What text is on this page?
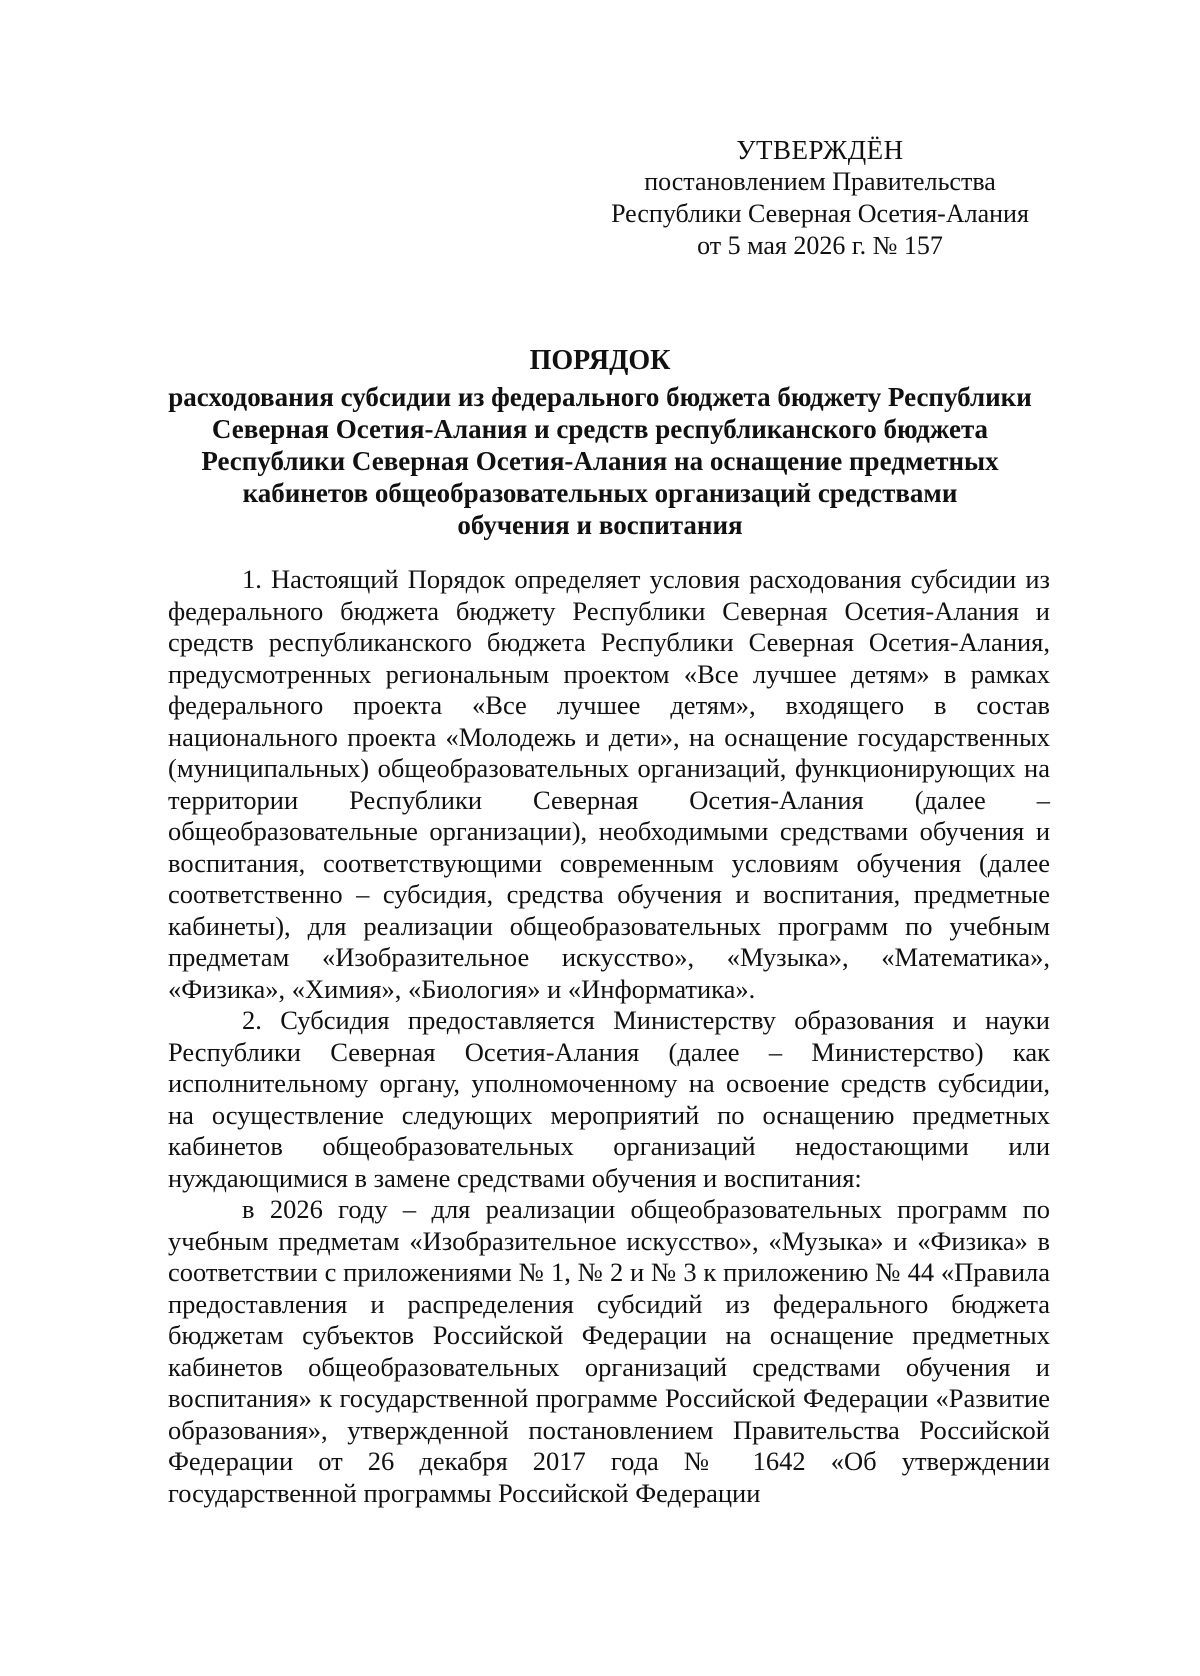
УТВЕРЖДЁН
постановлением Правительства
Республики Северная Осетия-Алания
от 5 мая 2026 г. № 157
ПОРЯДОК
расходования субсидии из федерального бюджета бюджету Республики
Северная Осетия-Алания и средств республиканского бюджета
Республики Северная Осетия-Алания на оснащение предметных
кабинетов общеобразовательных организаций средствами
обучения и воспитания

1. Настоящий Порядок определяет условия расходования субсидии из федерального бюджета бюджету Республики Северная Осетия-Алания и средств республиканского бюджета Республики Северная Осетия-Алания, предусмотренных региональным проектом «Все лучшее детям» в рамках федерального проекта «Все лучшее детям», входящего в состав национального проекта «Молодежь и дети», на оснащение государственных (муниципальных) общеобразовательных организаций, функционирующих на территории Республики Северная Осетия-Алания (далее – общеобразовательные организации), необходимыми средствами обучения и воспитания, соответствующими современным условиям обучения (далее соответственно – субсидия, средства обучения и воспитания, предметные кабинеты), для реализации общеобразовательных программ по учебным предметам «Изобразительное искусство», «Музыка», «Математика», «Физика», «Химия», «Биология» и «Информатика».

2. Субсидия предоставляется Министерству образования и науки Республики Северная Осетия-Алания (далее – Министерство) как исполнительному органу, уполномоченному на освоение средств субсидии, на осуществление следующих мероприятий по оснащению предметных кабинетов общеобразовательных организаций недостающими или нуждающимися в замене средствами обучения и воспитания:

в 2026 году – для реализации общеобразовательных программ по учебным предметам «Изобразительное искусство», «Музыка» и «Физика» в соответствии с приложениями № 1, № 2 и № 3 к приложению № 44 «Правила предоставления и распределения субсидий из федерального бюджета бюджетам субъектов Российской Федерации на оснащение предметных кабинетов общеобразовательных организаций средствами обучения и воспитания» к государственной программе Российской Федерации «Развитие образования», утвержденной постановлением Правительства Российской Федерации от 26 декабря 2017 года № 1642 «Об утверждении государственной программы Российской Федерации
